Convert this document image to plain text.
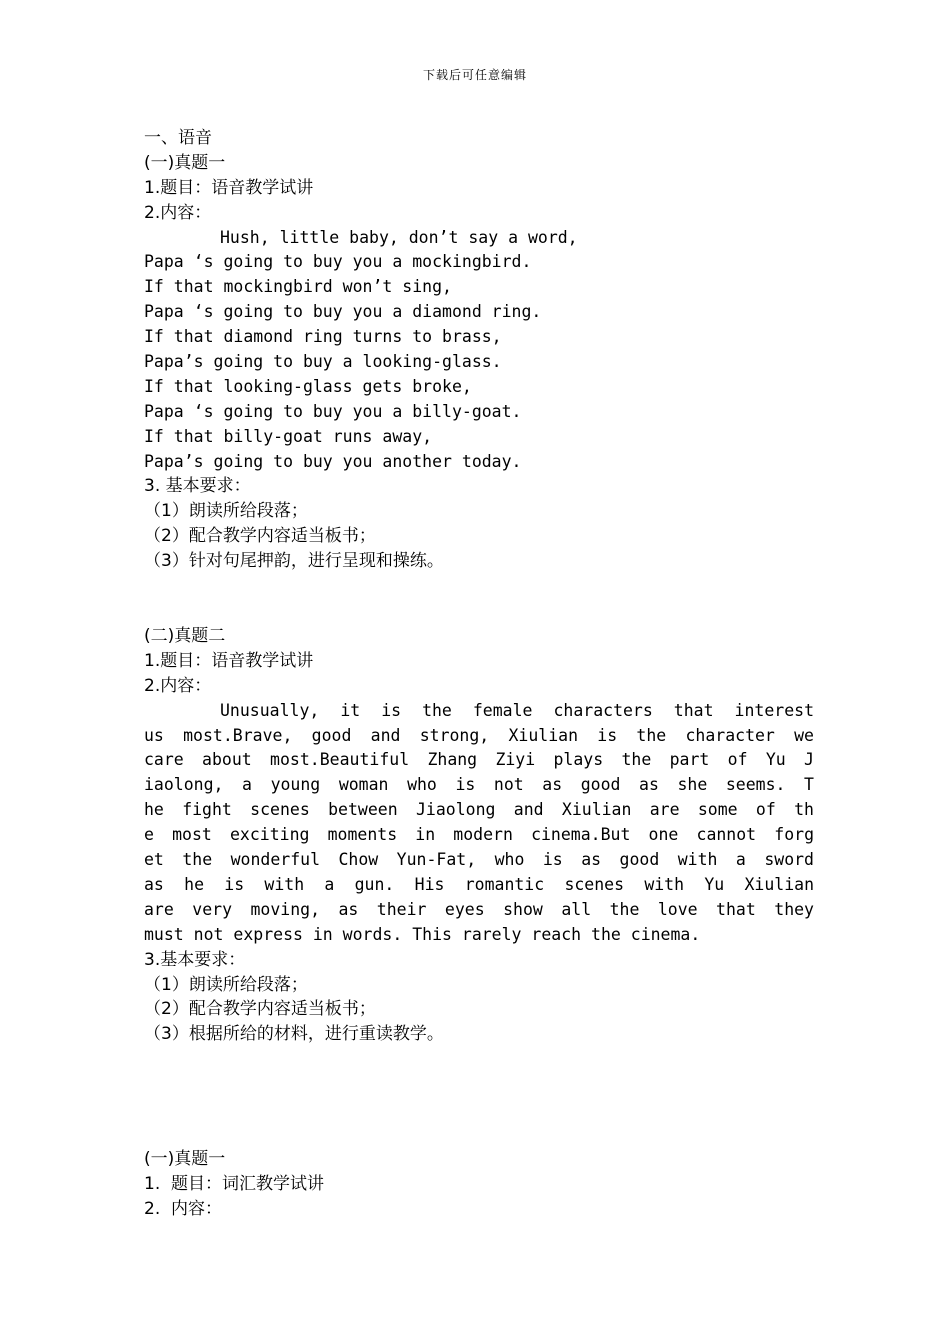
下载后可任意编辑
一、语音
(一)真题一
1.题目：语音教学试讲
2.内容：
Hush, little baby, don’t say a word,
Papa ‘s going to buy you a mockingbird.
If that mockingbird won’t sing,
Papa ‘s going to buy you a diamond ring.
If that diamond ring turns to brass,
Papa’s going to buy a looking-glass.
If that looking-glass gets broke,
Papa ‘s going to buy you a billy-goat.
If that billy-goat runs away,
Papa’s going to buy you another today.
3. 基本要求：
（1）朗读所给段落；
（2）配合教学内容适当板书；
（3）针对句尾押韵，进行呈现和操练。
(二)真题二
1.题目：语音教学试讲
2.内容：
Unusually, it is the female characters that interest
us most.Brave, good and strong, Xiulian is the character we
care about most.Beautiful Zhang Ziyi plays the part of Yu J
iaolong, a young woman who is not as good as she seems. T
he fight scenes between Jiaolong and Xiulian are some of th
e most exciting moments in modern cinema.But one cannot forg
et the wonderful Chow Yun-Fat, who is as good with a sword
as he is with a gun. His romantic scenes with Yu Xiulian
are very moving, as their eyes show all the love that they
must not express in words. This rarely reach the cinema.
3.基本要求：
（1）朗读所给段落；
（2）配合教学内容适当板书；
（3）根据所给的材料，进行重读教学。
(一)真题一
1.  题目：词汇教学试讲
2.  内容：
